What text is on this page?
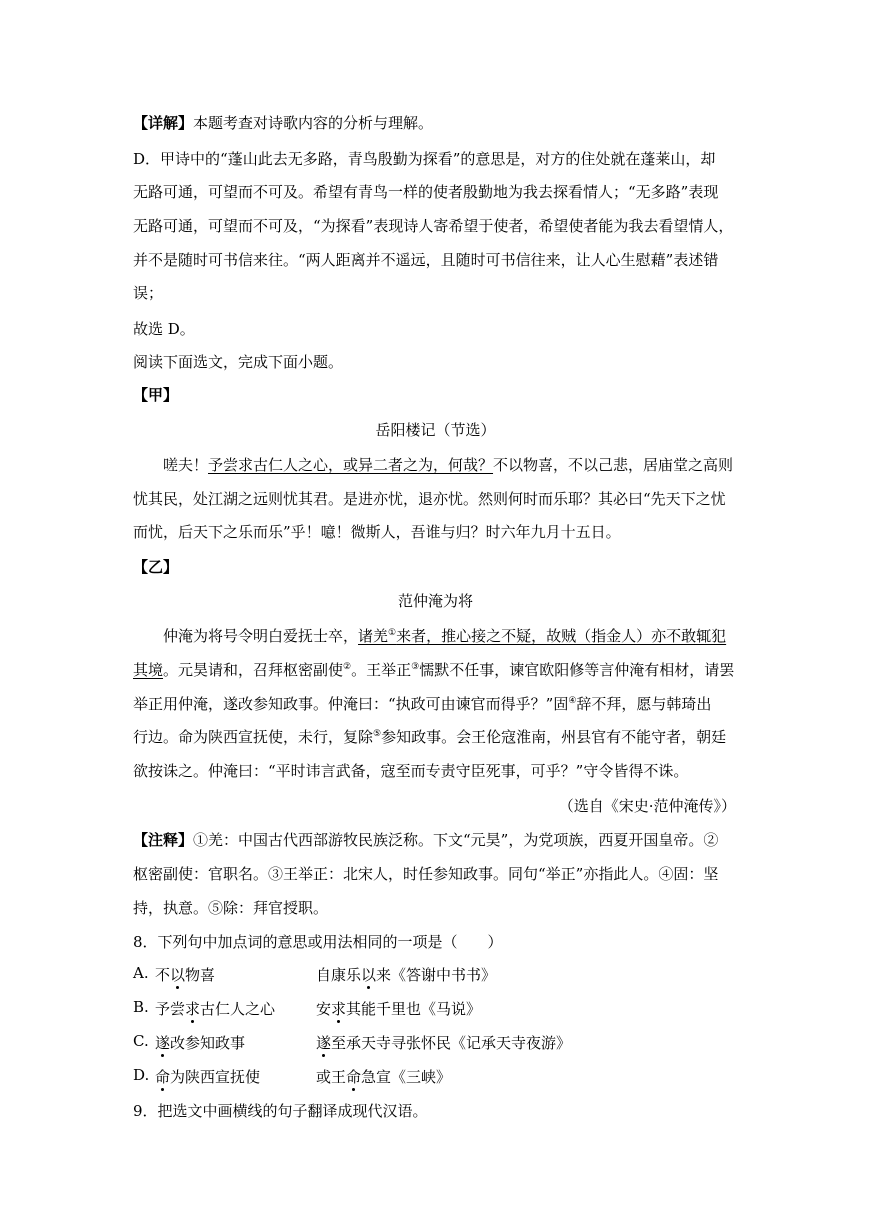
【详解】本题考查对诗歌内容的分析与理解。
D．甲诗中的“蓬山此去无多路，青鸟殷勤为探看”的意思是，对方的住处就在蓬莱山，却
无路可通，可望而不可及。希望有青鸟一样的使者殷勤地为我去探看情人；“无多路”表现
无路可通，可望而不可及，“为探看”表现诗人寄希望于使者，希望使者能为我去看望情人，
并不是随时可书信来往。“两人距离并不遥远，且随时可书信往来，让人心生慰藉”表述错
误；
故选 D。
阅读下面选文，完成下面小题。
【甲】
岳阳楼记（节选）
嗟夫！予尝求古仁人之心，或异二者之为，何哉？不以物喜，不以己悲，居庙堂之高则
忧其民，处江湖之远则忧其君。是进亦忧，退亦忧。然则何时而乐耶？其必曰“先天下之忧
而忧，后天下之乐而乐”乎！噫！微斯人，吾谁与归？时六年九月十五日。
【乙】
范仲淹为将
仲淹为将号令明白爱抚士卒，诸羌①来者，推心接之不疑，故贼（指金人）亦不敢辄犯
其境。元昊请和，召拜枢密副使②。王举正③懦默不任事，谏官欧阳修等言仲淹有相材，请罢
举正用仲淹，遂改参知政事。仲淹曰：“执政可由谏官而得乎？”固④辞不拜，愿与韩琦出
行边。命为陕西宣抚使，未行，复除⑤参知政事。会王伦寇淮南，州县官有不能守者，朝廷
欲按诛之。仲淹曰：“平时讳言武备，寇至而专责守臣死事，可乎？”守令皆得不诛。
（选自《宋史·范仲淹传》）
【注释】①羌：中国古代西部游牧民族泛称。下文“元昊”，为党项族，西夏开国皇帝。②
枢密副使：官职名。③王举正：北宋人，时任参知政事。同句“举正”亦指此人。④固：坚
持，执意。⑤除：拜官授职。
8．下列句中加点词的意思或用法相同的一项是（　　）
A. 不以物喜	自康乐以来《答谢中书书》
B. 予尝求古仁人之心	安求其能千里也《马说》
C. 遂改参知政事	遂至承天寺寻张怀民《记承天寺夜游》
D. 命为陕西宣抚使	或王命急宣《三峡》
9．把选文中画横线的句子翻译成现代汉语。
